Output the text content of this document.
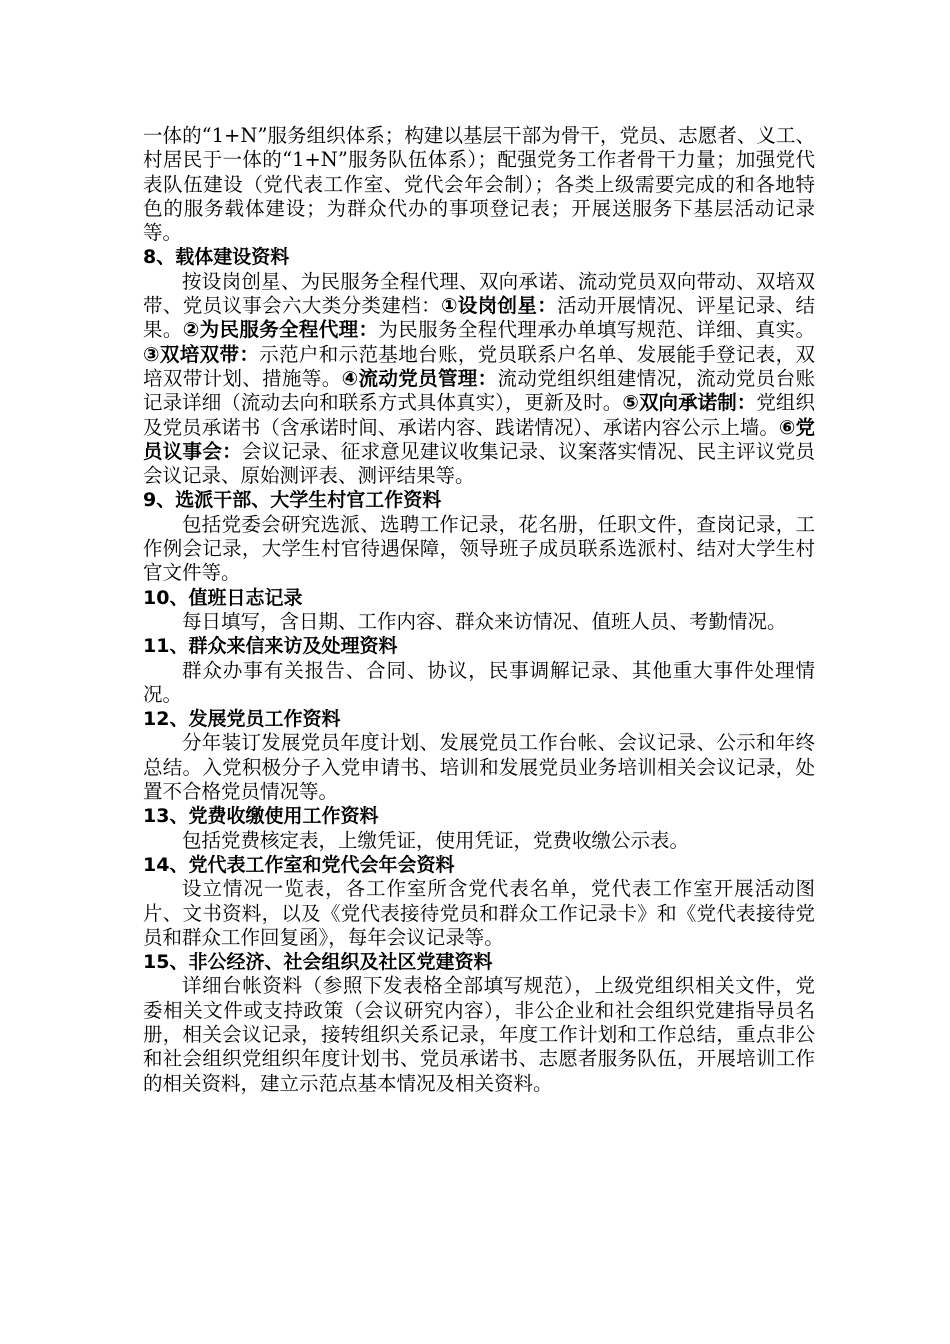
一体的“1+N”服务组织体系；构建以基层干部为骨干，党员、志愿者、义工、村居民于一体的“1+N”服务队伍体系）；配强党务工作者骨干力量；加强党代表队伍建设（党代表工作室、党代会年会制）；各类上级需要完成的和各地特色的服务载体建设；为群众代办的事项登记表；开展送服务下基层活动记录等。

8、载体建设资料

按设岗创星、为民服务全程代理、双向承诺、流动党员双向带动、双培双带、党员议事会六大类分类建档：①设岗创星：活动开展情况、评星记录、结果。②为民服务全程代理：为民服务全程代理承办单填写规范、详细、真实。③双培双带：示范户和示范基地台账，党员联系户名单、发展能手登记表，双培双带计划、措施等。④流动党员管理：流动党组织组建情况，流动党员台账记录详细（流动去向和联系方式具体真实），更新及时。⑤双向承诺制：党组织及党员承诺书（含承诺时间、承诺内容、践诺情况）、承诺内容公示上墙。⑥党员议事会：会议记录、征求意见建议收集记录、议案落实情况、民主评议党员会议记录、原始测评表、测评结果等。

9、选派干部、大学生村官工作资料

包括党委会研究选派、选聘工作记录，花名册，任职文件，查岗记录，工作例会记录，大学生村官待遇保障，领导班子成员联系选派村、结对大学生村官文件等。

10、值班日志记录

每日填写，含日期、工作内容、群众来访情况、值班人员、考勤情况。

11、群众来信来访及处理资料

群众办事有关报告、合同、协议，民事调解记录、其他重大事件处理情况。

12、发展党员工作资料

分年装订发展党员年度计划、发展党员工作台帐、会议记录、公示和年终总结。入党积极分子入党申请书、培训和发展党员业务培训相关会议记录，处置不合格党员情况等。

13、党费收缴使用工作资料

包括党费核定表，上缴凭证，使用凭证，党费收缴公示表。

14、党代表工作室和党代会年会资料

设立情况一览表，各工作室所含党代表名单，党代表工作室开展活动图片、文书资料，以及《党代表接待党员和群众工作记录卡》和《党代表接待党员和群众工作回复函》，每年会议记录等。

15、非公经济、社会组织及社区党建资料

详细台帐资料（参照下发表格全部填写规范），上级党组织相关文件，党委相关文件或支持政策（会议研究内容），非公企业和社会组织党建指导员名册，相关会议记录，接转组织关系记录，年度工作计划和工作总结，重点非公和社会组织党组织年度计划书、党员承诺书、志愿者服务队伍，开展培训工作的相关资料，建立示范点基本情况及相关资料。
